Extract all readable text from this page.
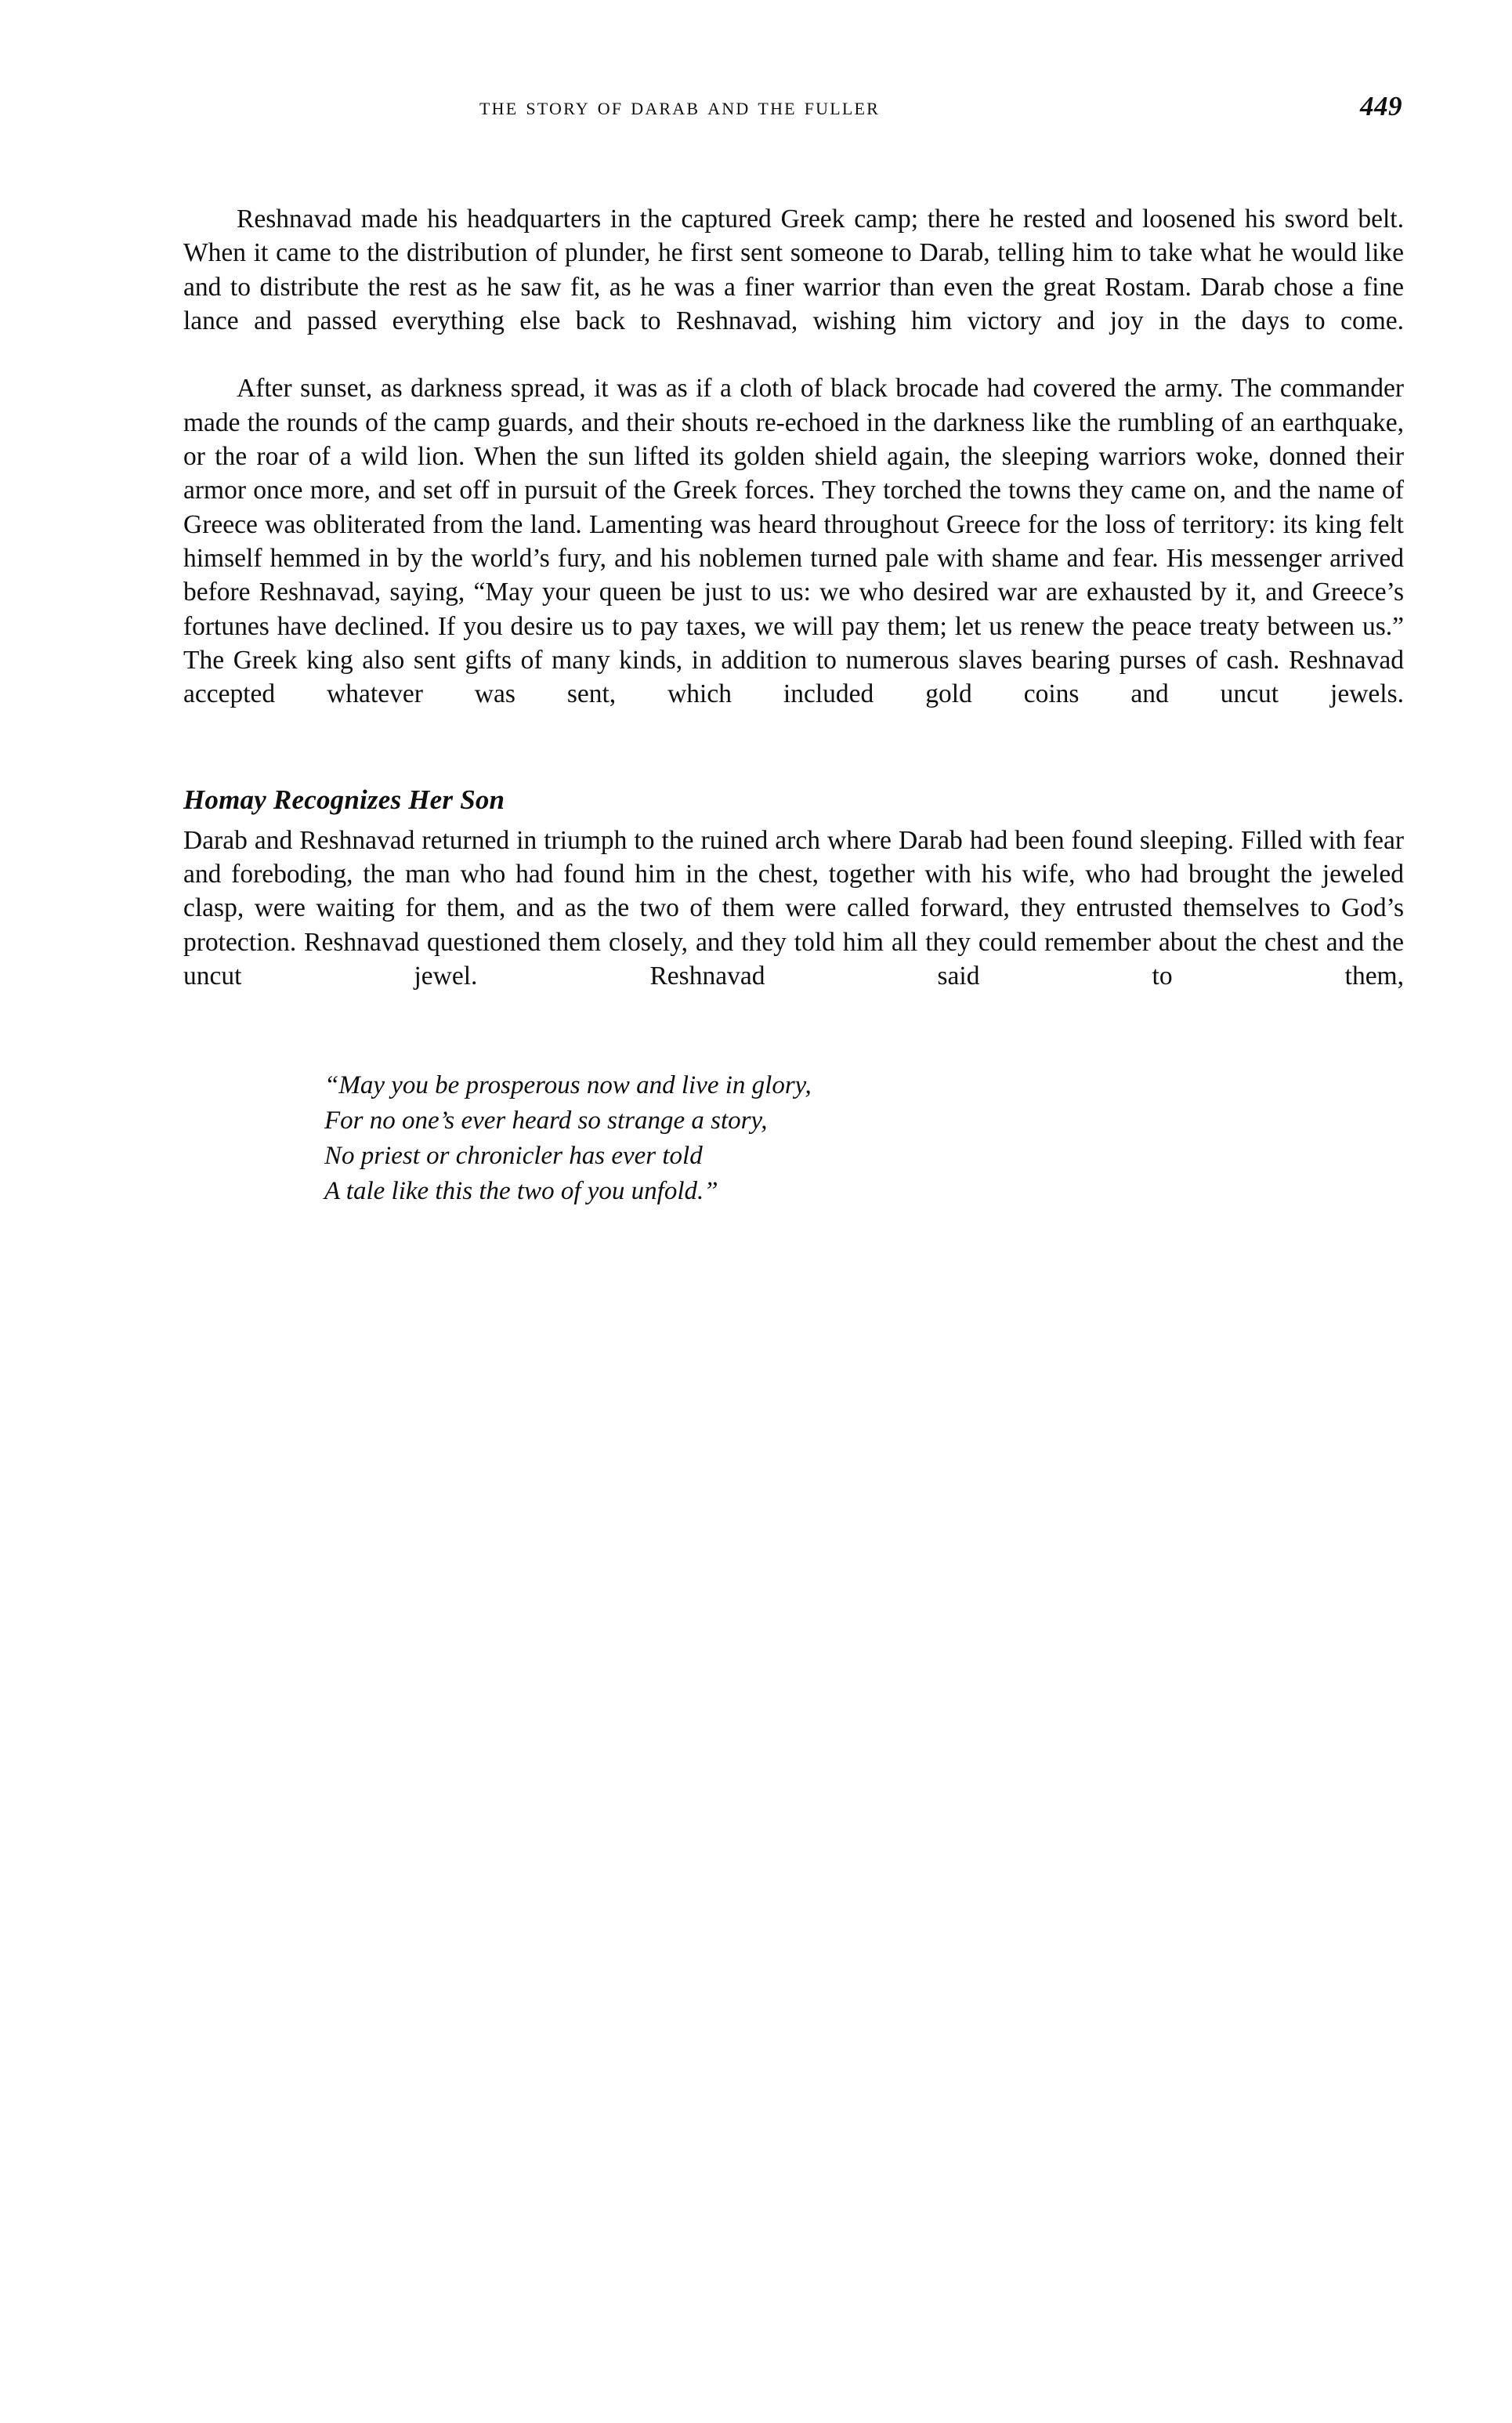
the story of darab and the fuller	449

Reshnavad made his headquarters in the captured Greek camp; there he rested and loosened his sword belt. When it came to the distribution of plunder, he first sent someone to Darab, telling him to take what he would like and to distribute the rest as he saw fit, as he was a finer warrior than even the great Rostam. Darab chose a fine lance and passed everything else back to Reshnavad, wishing him victory and joy in the days to come.

After sunset, as darkness spread, it was as if a cloth of black brocade had covered the army. The commander made the rounds of the camp guards, and their shouts re-echoed in the darkness like the rumbling of an earthquake, or the roar of a wild lion. When the sun lifted its golden shield again, the sleeping warriors woke, donned their armor once more, and set off in pursuit of the Greek forces. They torched the towns they came on, and the name of Greece was obliterated from the land. Lamenting was heard throughout Greece for the loss of territory: its king felt himself hemmed in by the world’s fury, and his noblemen turned pale with shame and fear. His messenger arrived before Reshnavad, saying, “May your queen be just to us: we who desired war are exhausted by it, and Greece’s fortunes have declined. If you desire us to pay taxes, we will pay them; let us renew the peace treaty between us.” The Greek king also sent gifts of many kinds, in addition to numerous slaves bearing purses of cash. Reshnavad accepted whatever was sent, which included gold coins and uncut jewels.

Homay Recognizes Her Son

Darab and Reshnavad returned in triumph to the ruined arch where Darab had been found sleeping. Filled with fear and foreboding, the man who had found him in the chest, together with his wife, who had brought the jeweled clasp, were waiting for them, and as the two of them were called forward, they entrusted themselves to God’s protection. Reshnavad questioned them closely, and they told him all they could remember about the chest and the uncut jewel. Reshnavad said to them,

“May you be prosperous now and live in glory,
For no one’s ever heard so strange a story,
No priest or chronicler has ever told
A tale like this the two of you unfold.”
